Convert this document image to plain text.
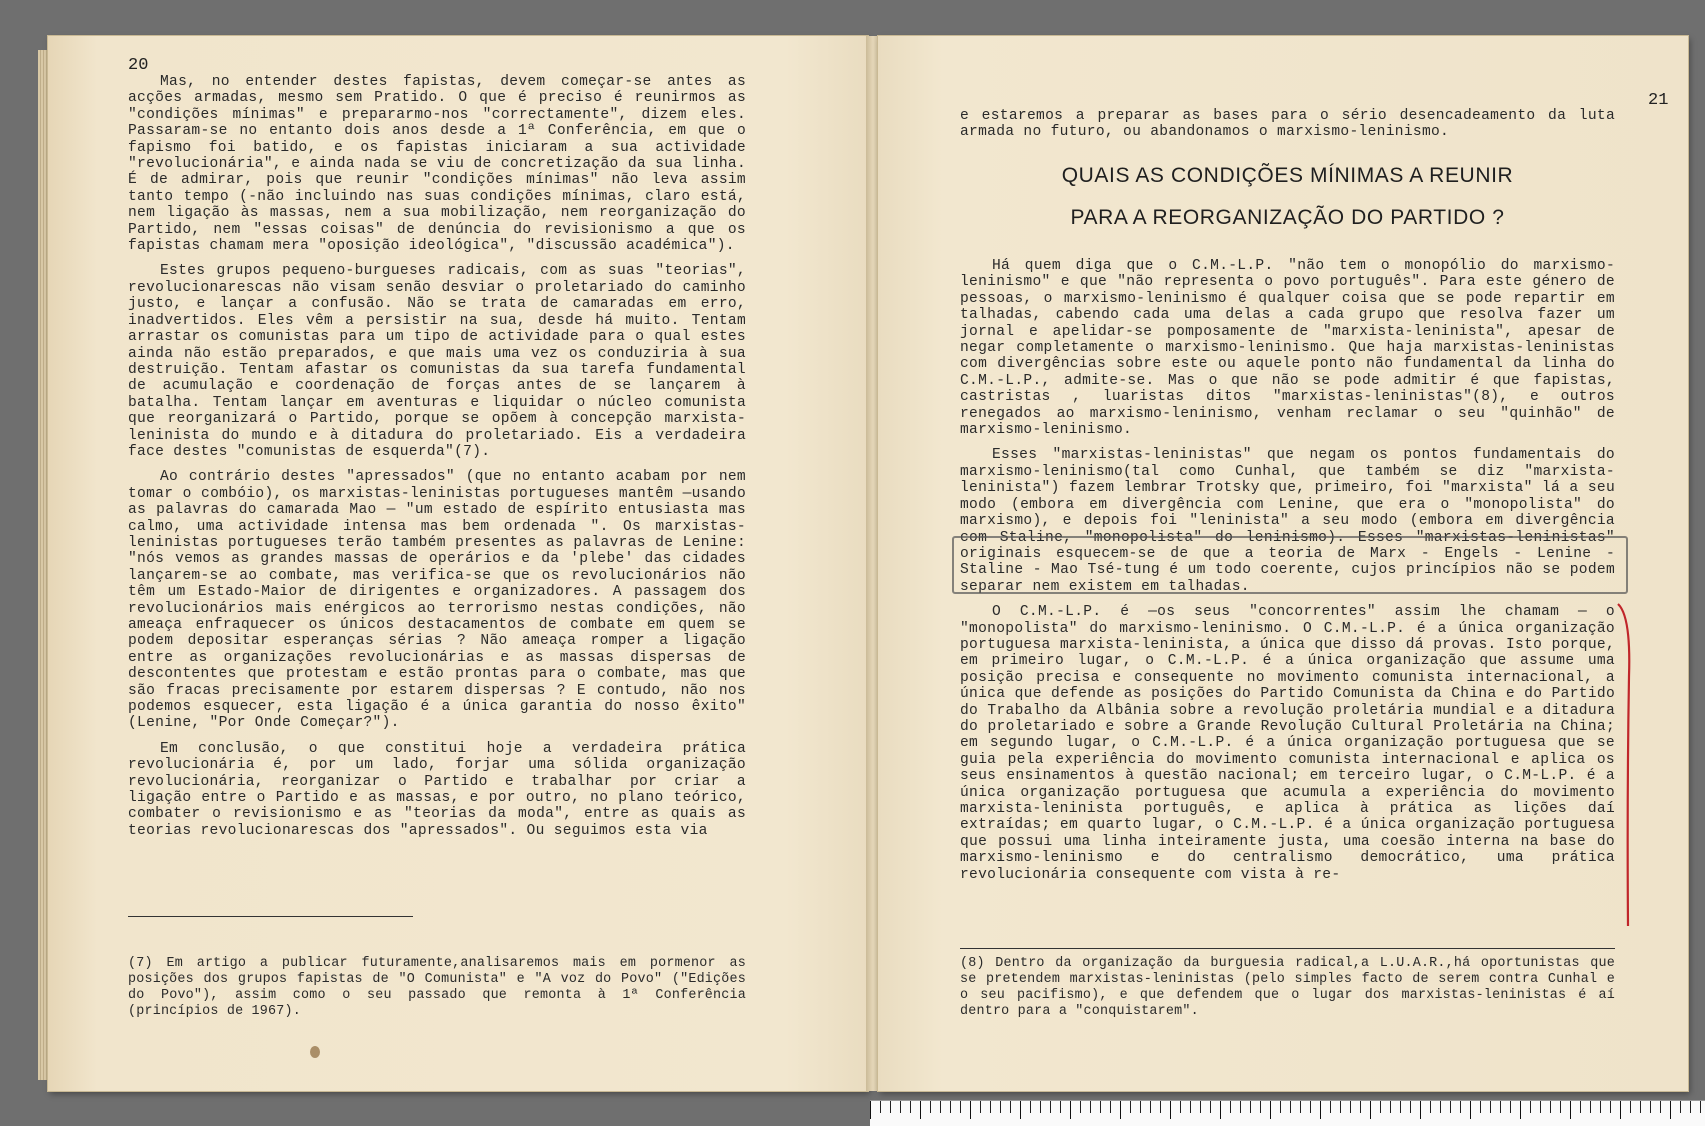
20

Mas, no entender destes fapistas, devem começar-se antes as acções armadas, mesmo sem Pratido. O que é preciso é reunirmos as "condições mínimas" e prepararmo-nos "correctamente", dizem eles. Passaram-se no entanto dois anos desde a 1ª Conferência, em que o fapismo foi batido, e os fapistas iniciaram a sua actividade "revolucionária", e ainda nada se viu de concretização da sua linha. É de admirar, pois que reunir "condições mínimas" não leva assim tanto tempo (-não incluindo nas suas condições mínimas, claro está, nem ligação às massas, nem a sua mobilização, nem reorganização do Partido, nem "essas coisas" de denúncia do revisionismo a que os fapistas chamam mera "oposição ideológica", "discussão académica").

Estes grupos pequeno-burgueses radicais, com as suas "teorias", revolucionarescas não visam senão desviar o proletariado do caminho justo, e lançar a confusão. Não se trata de camaradas em erro, inadvertidos. Eles vêm a persistir na sua, desde há muito. Tentam arrastar os comunistas para um tipo de actividade para o qual estes ainda não estão preparados, e que mais uma vez os conduziria à sua destruição. Tentam afastar os comunistas da sua tarefa fundamental de acumulação e coordenação de forças antes de se lançarem à batalha. Tentam lançar em aventuras e liquidar o núcleo comunista que reorganizará o Partido, porque se opõem à concepção marxista-leninista do mundo e à ditadura do proletariado. Eis a verdadeira face destes "comunistas de esquerda"(7).

Ao contrário destes "apressados" (que no entanto acabam por nem tomar o combóio), os marxistas-leninistas portugueses mantêm —usando as palavras do camarada Mao — "um estado de espírito entusiasta mas calmo, uma actividade intensa mas bem ordenada ". Os marxistas-leninistas portugueses terão também presentes as palavras de Lenine: "nós vemos as grandes massas de operários e da 'plebe' das cidades lançarem-se ao combate, mas verifica-se que os revolucionários não têm um Estado-Maior de dirigentes e organizadores. A passagem dos revolucionários mais enérgicos ao terrorismo nestas condições, não ameaça enfraquecer os únicos destacamentos de combate em quem se podem depositar esperanças sérias ? Não ameaça romper a ligação entre as organizações revolucionárias e as massas dispersas de descontentes que protestam e estão prontas para o combate, mas que são fracas precisamente por estarem dispersas ? E contudo, não nos podemos esquecer, esta ligação é a única garantia do nosso êxito"(Lenine, "Por Onde Começar?").

Em conclusão, o que constitui hoje a verdadeira prática revolucionária é, por um lado, forjar uma sólida organização revolucionária, reorganizar o Partido e trabalhar por criar a ligação entre o Partido e as massas, e por outro, no plano teórico, combater o revisionismo e as "teorias da moda", entre as quais as teorias revolucionarescas dos "apressados". Ou seguimos esta via

(7) Em artigo a publicar futuramente,analisaremos mais em pormenor as posições dos grupos fapistas de "O Comunista" e "A voz do Povo" ("Edições do Povo"), assim como o seu passado que remonta à 1ª Conferência (princípios de 1967).
21
e estaremos a preparar as bases para o sério desencadeamento da luta armada no futuro, ou abandonamos o marxismo-leninismo.
QUAIS AS CONDIÇÕES MÍNIMAS A REUNIR
PARA A REORGANIZAÇÃO DO PARTIDO ?

Há quem diga que o C.M.-L.P. "não tem o monopólio do marxismo-leninismo" e que "não representa o povo português". Para este género de pessoas, o marxismo-leninismo é qualquer coisa que se pode repartir em talhadas, cabendo cada uma delas a cada grupo que resolva fazer um jornal e apelidar-se pomposamente de "marxista-leninista", apesar de negar completamente o marxismo-leninismo. Que haja marxistas-leninistas com divergências sobre este ou aquele ponto não fundamental da linha do C.M.-L.P., admite-se. Mas o que não se pode admitir é que fapistas, castristas , luaristas ditos "marxistas-leninistas"(8), e outros renegados ao marxismo-leninismo, venham reclamar o seu "quinhão" de marxismo-leninismo.

Esses "marxistas-leninistas" que negam os pontos fundamentais do marxismo-leninismo(tal como Cunhal, que também se diz "marxista-leninista") fazem lembrar Trotsky que, primeiro, foi "marxista" lá a seu modo (embora em divergência com Lenine, que era o "monopolista" do marxismo), e depois foi "leninista" a seu modo (embora em divergência com Staline, "monopolista" do leninismo). Esses "marxistas-leninistas" originais esquecem-se de que a teoria de Marx - Engels - Lenine - Staline - Mao Tsé-tung é um todo coerente, cujos princípios não se podem separar nem existem em talhadas.

O C.M.-L.P. é —os seus "concorrentes" assim lhe chamam — o "monopolista" do marxismo-leninismo. O C.M.-L.P. é a única organização portuguesa marxista-leninista, a única que disso dá provas. Isto porque, em primeiro lugar, o C.M.-L.P. é a única organização que assume uma posição precisa e consequente no movimento comunista internacional, a única que defende as posições do Partido Comunista da China e do Partido do Trabalho da Albânia sobre a revolução proletária mundial e a ditadura do proletariado e sobre a Grande Revolução Cultural Proletária na China; em segundo lugar, o C.M.-L.P. é a única organização portuguesa que se guia pela experiência do movimento comunista internacional e aplica os seus ensinamentos à questão nacional; em terceiro lugar, o C.M-L.P. é a única organização portuguesa que acumula a experiência do movimento marxista-leninista português, e aplica à prática as lições daí extraídas; em quarto lugar, o C.M.-L.P. é a única organização portuguesa que possui uma linha inteiramente justa, uma coesão interna na base do marxismo-leninismo e do centralismo democrático, uma prática revolucionária consequente com vista à re-

(8) Dentro da organização da burguesia radical,a L.U.A.R.,há oportunistas que se pretendem marxistas-leninistas (pelo simples facto de serem contra Cunhal e o seu pacifismo), e que defendem que o lugar dos marxistas-leninistas é aí dentro para a "conquistarem".
